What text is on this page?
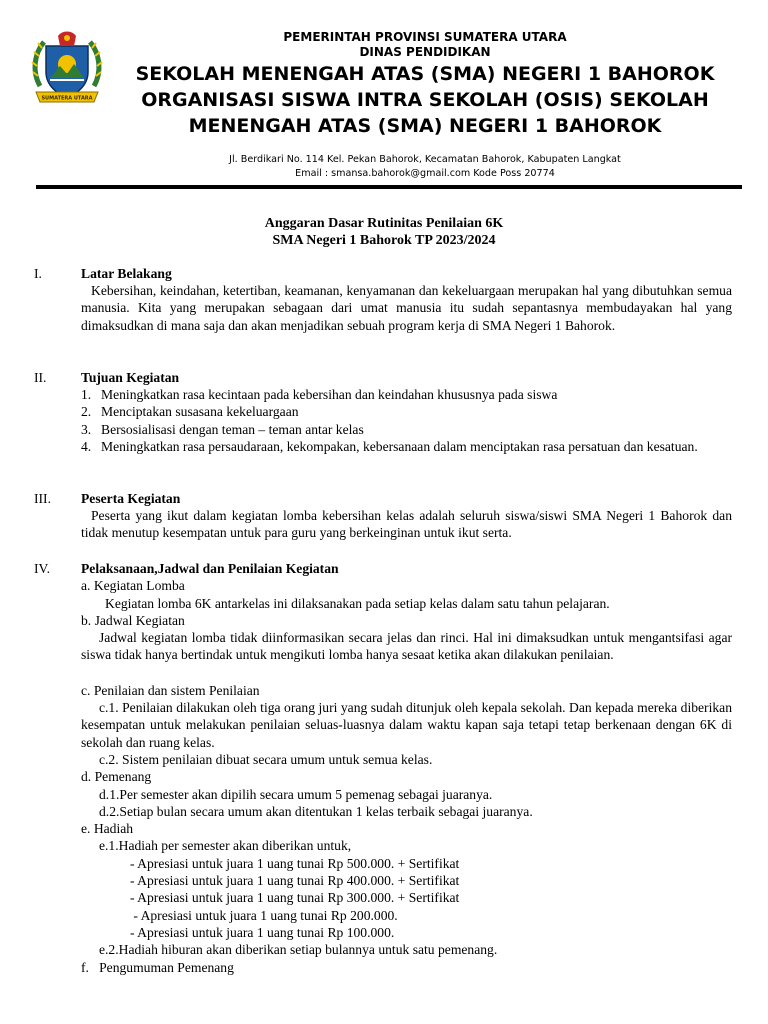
SUMATERA UTARA
PEMERINTAH PROVINSI SUMATERA UTARA
DINAS PENDIDIKAN
SEKOLAH MENENGAH ATAS (SMA) NEGERI 1 BAHOROK
ORGANISASI SISWA INTRA SEKOLAH (OSIS) SEKOLAH
MENENGAH ATAS (SMA) NEGERI 1 BAHOROK
Jl. Berdikari No. 114 Kel. Pekan Bahorok, Kecamatan Bahorok, Kabupaten Langkat
Email : smansa.bahorok@gmail.com Kode Poss 20774
Anggaran Dasar Rutinitas Penilaian 6K
SMA Negeri 1 Bahorok TP 2023/2024
I.	Latar Belakang
Kebersihan, keindahan, ketertiban, keamanan, kenyamanan dan kekeluargaan merupakan hal yang dibutuhkan semua manusia. Kita yang merupakan sebagaan dari umat manusia itu sudah sepantasnya membudayakan hal yang dimaksudkan di mana saja dan akan menjadikan sebuah program kerja di SMA Negeri 1 Bahorok.
II.	Tujuan Kegiatan
1. Meningkatkan rasa kecintaan pada kebersihan dan keindahan khususnya pada siswa
2. Menciptakan susasana kekeluargaan
3. Bersosialisasi dengan teman – teman antar kelas
4. Meningkatkan rasa persaudaraan, kekompakan, kebersanaan dalam menciptakan rasa persatuan dan kesatuan.
III. Peserta Kegiatan
Peserta yang ikut dalam kegiatan lomba kebersihan kelas adalah seluruh siswa/siswi SMA Negeri 1 Bahorok dan tidak menutup kesempatan untuk para guru yang berkeinginan untuk ikut serta.
IV. Pelaksanaan,Jadwal dan Penilaian Kegiatan
a. Kegiatan Lomba
Kegiatan lomba 6K antarkelas ini dilaksanakan pada setiap kelas dalam satu tahun pelajaran.
b. Jadwal Kegiatan
Jadwal kegiatan lomba tidak diinformasikan secara jelas dan rinci. Hal ini dimaksudkan untuk mengantsifasi agar siswa tidak hanya bertindak untuk mengikuti lomba hanya sesaat ketika akan dilakukan penilaian.
c. Penilaian dan sistem Penilaian
c.1. Penilaian dilakukan oleh tiga orang juri yang sudah ditunjuk oleh kepala sekolah. Dan kepada mereka diberikan kesempatan untuk melakukan penilaian seluas-luasnya dalam waktu kapan saja tetapi tetap berkenaan dengan 6K di sekolah dan ruang kelas.
c.2. Sistem penilaian dibuat secara umum untuk semua kelas.
d. Pemenang
d.1.Per semester akan dipilih secara umum 5 pemenag sebagai juaranya.
d.2.Setiap bulan secara umum akan ditentukan 1 kelas terbaik sebagai juaranya.
e. Hadiah
e.1.Hadiah per semester akan diberikan untuk,
- Apresiasi untuk juara 1 uang tunai Rp 500.000. + Sertifikat
- Apresiasi untuk juara 1 uang tunai Rp 400.000. + Sertifikat
- Apresiasi untuk juara 1 uang tunai Rp 300.000. + Sertifikat
- Apresiasi untuk juara 1 uang tunai Rp 200.000.
- Apresiasi untuk juara 1 uang tunai Rp 100.000.
e.2.Hadiah hiburan akan diberikan setiap bulannya untuk satu pemenang.
f.   Pengumuman Pemenang
